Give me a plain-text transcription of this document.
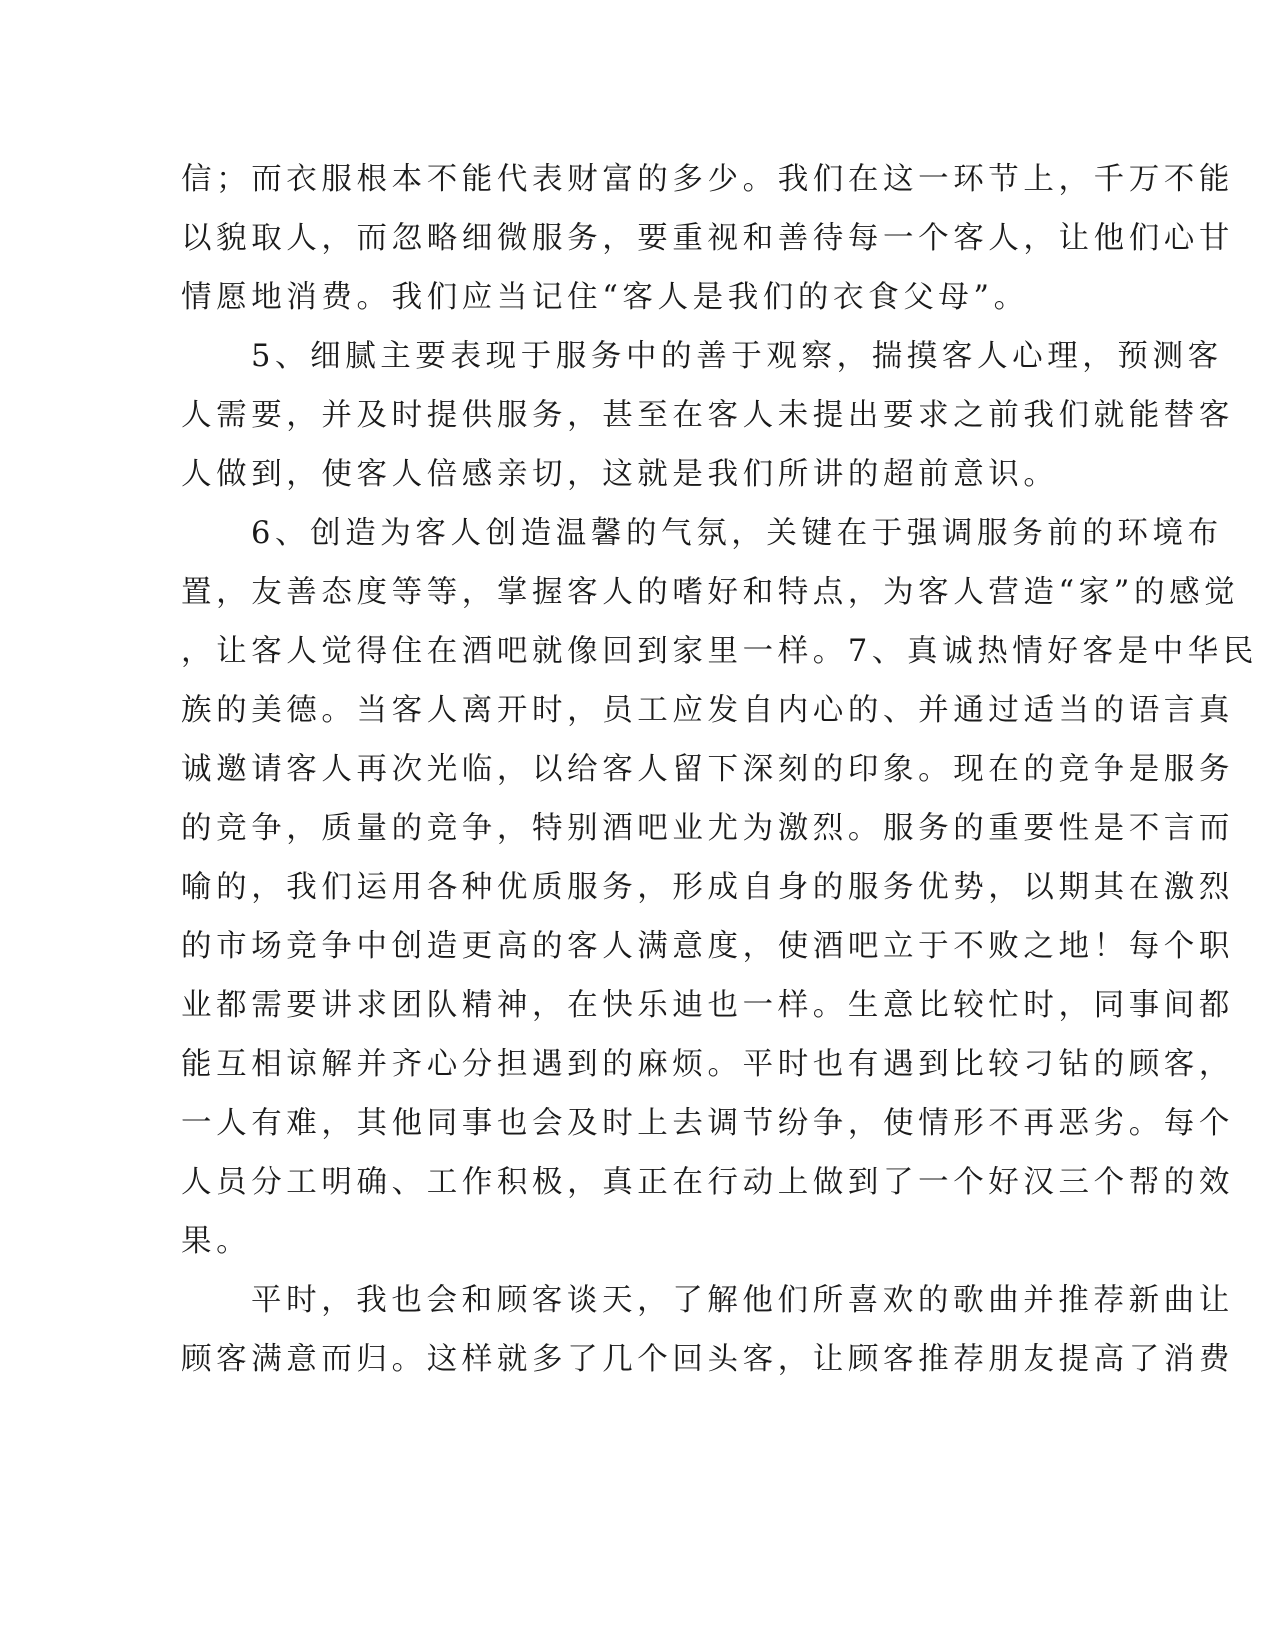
信；而衣服根本不能代表财富的多少。我们在这一环节上，千万不能
以貌取人，而忽略细微服务，要重视和善待每一个客人，让他们心甘
情愿地消费。我们应当记住“客人是我们的衣食父母”。
5、细腻主要表现于服务中的善于观察，揣摸客人心理，预测客
人需要，并及时提供服务，甚至在客人未提出要求之前我们就能替客
人做到，使客人倍感亲切，这就是我们所讲的超前意识。
6、创造为客人创造温馨的气氛，关键在于强调服务前的环境布
置，友善态度等等，掌握客人的嗜好和特点，为客人营造“家”的感觉
，让客人觉得住在酒吧就像回到家里一样。7、真诚热情好客是中华民
族的美德。当客人离开时，员工应发自内心的、并通过适当的语言真
诚邀请客人再次光临，以给客人留下深刻的印象。现在的竞争是服务
的竞争，质量的竞争，特别酒吧业尤为激烈。服务的重要性是不言而
喻的，我们运用各种优质服务，形成自身的服务优势，以期其在激烈
的市场竞争中创造更高的客人满意度，使酒吧立于不败之地！每个职
业都需要讲求团队精神，在快乐迪也一样。生意比较忙时，同事间都
能互相谅解并齐心分担遇到的麻烦。平时也有遇到比较刁钻的顾客，
一人有难，其他同事也会及时上去调节纷争，使情形不再恶劣。每个
人员分工明确、工作积极，真正在行动上做到了一个好汉三个帮的效
果。
平时，我也会和顾客谈天，了解他们所喜欢的歌曲并推荐新曲让
顾客满意而归。这样就多了几个回头客，让顾客推荐朋友提高了消费
